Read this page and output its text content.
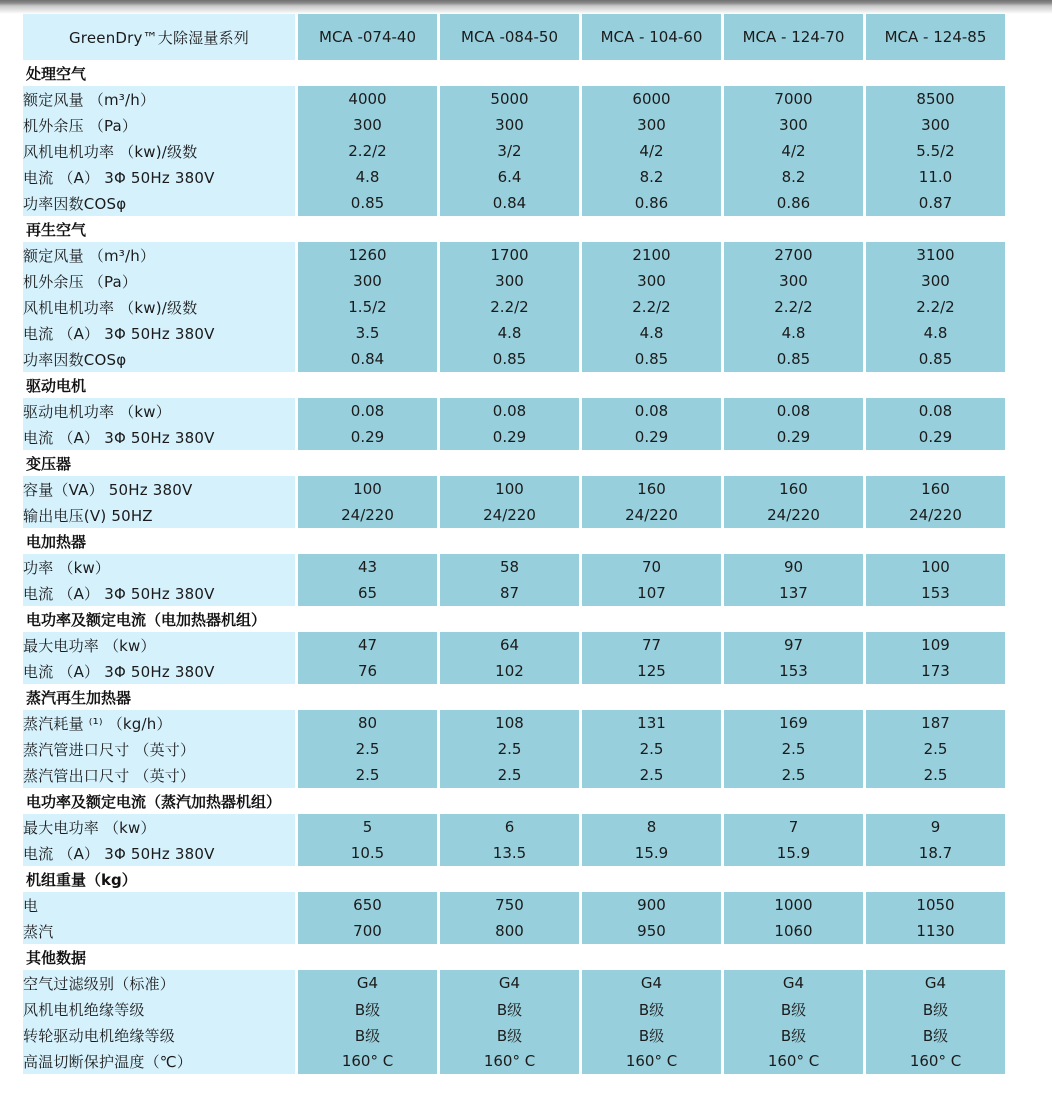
GreenDry™大除湿量系列	MCA -074-40	MCA -084-50	MCA - 104-60	MCA - 124-70	MCA - 124-85
处理空气					
额定风量 （m³/h）	4000	5000	6000	7000	8500
机外余压 （Pa）	300	300	300	300	300
风机电机功率 （kw)/级数	2.2/2	3/2	4/2	4/2	5.5/2
电流 （A） 3Φ 50Hz 380V	4.8	6.4	8.2	8.2	11.0
功率因数COSφ	0.85	0.84	0.86	0.86	0.87
再生空气					
额定风量 （m³/h）	1260	1700	2100	2700	3100
机外余压 （Pa）	300	300	300	300	300
风机电机功率 （kw)/级数	1.5/2	2.2/2	2.2/2	2.2/2	2.2/2
电流 （A） 3Φ 50Hz 380V	3.5	4.8	4.8	4.8	4.8
功率因数COSφ	0.84	0.85	0.85	0.85	0.85
驱动电机					
驱动电机功率 （kw）	0.08	0.08	0.08	0.08	0.08
电流 （A） 3Φ 50Hz 380V	0.29	0.29	0.29	0.29	0.29
变压器					
容量（VA） 50Hz 380V	100	100	160	160	160
输出电压(V) 50HZ	24/220	24/220	24/220	24/220	24/220
电加热器					
功率 （kw）	43	58	70	90	100
电流 （A） 3Φ 50Hz 380V	65	87	107	137	153
电功率及额定电流（电加热器机组）					
最大电功率 （kw）	47	64	77	97	109
电流 （A） 3Φ 50Hz 380V	76	102	125	153	173
蒸汽再生加热器					
蒸汽耗量 ⁽¹⁾ （kg/h）	80	108	131	169	187
蒸汽管进口尺寸 （英寸）	2.5	2.5	2.5	2.5	2.5
蒸汽管出口尺寸 （英寸）	2.5	2.5	2.5	2.5	2.5
电功率及额定电流（蒸汽加热器机组）					
最大电功率 （kw）	5	6	8	7	9
电流 （A） 3Φ 50Hz 380V	10.5	13.5	15.9	15.9	18.7
机组重量（kg）					
电	650	750	900	1000	1050
蒸汽	700	800	950	1060	1130
其他数据					
空气过滤级别（标准）	G4	G4	G4	G4	G4
风机电机绝缘等级	B级	B级	B级	B级	B级
转轮驱动电机绝缘等级	B级	B级	B级	B级	B级
高温切断保护温度（℃）	160° C	160° C	160° C	160° C	160° C
